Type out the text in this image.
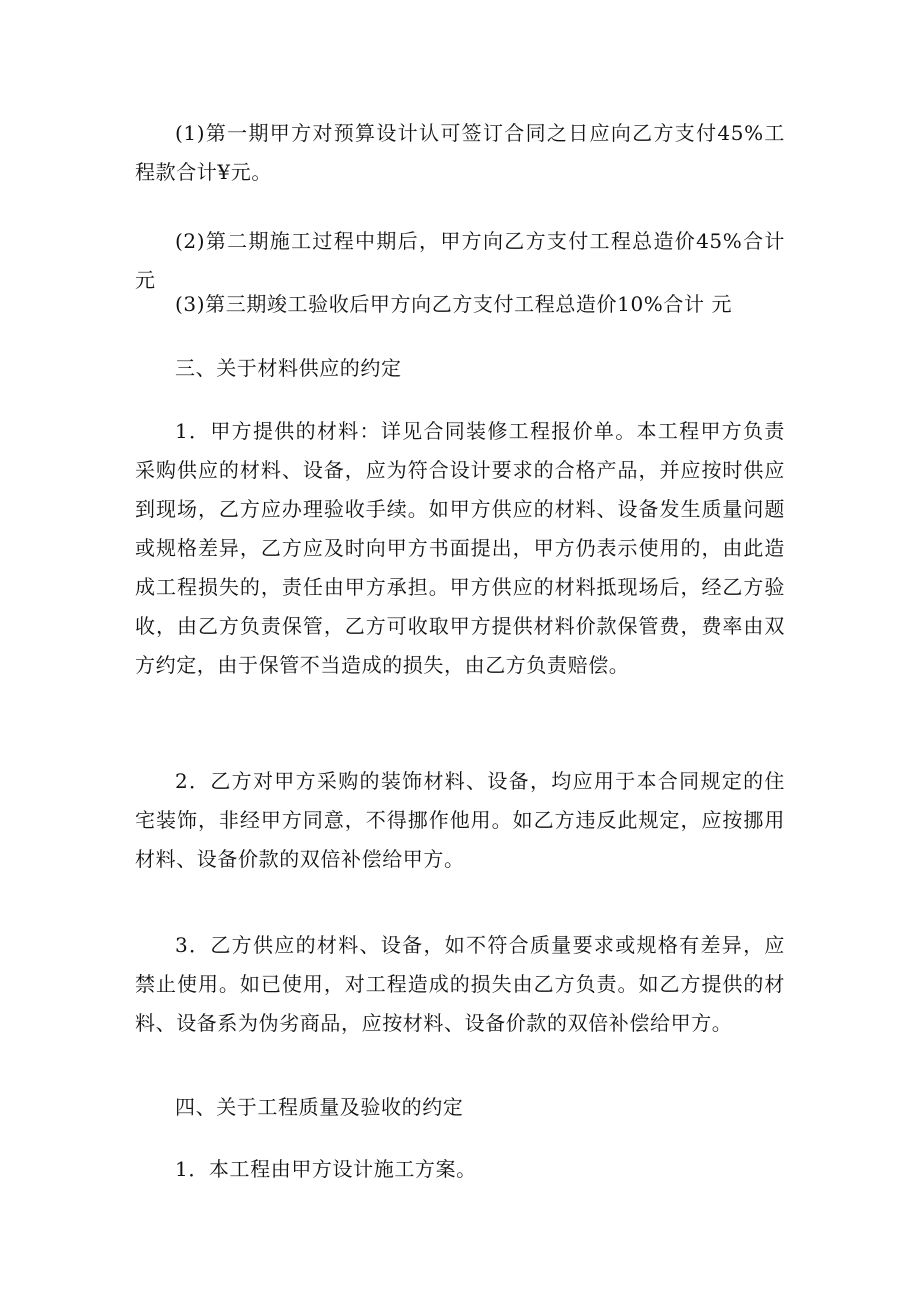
(1)第一期甲方对预算设计认可签订合同之日应向乙方支付45%工程款合计¥元。

(2)第二期施工过程中期后，甲方向乙方支付工程总造价45%合计元

(3)第三期竣工验收后甲方向乙方支付工程总造价10%合计 元

三、关于材料供应的约定

1．甲方提供的材料：详见合同装修工程报价单。本工程甲方负责采购供应的材料、设备，应为符合设计要求的合格产品，并应按时供应到现场，乙方应办理验收手续。如甲方供应的材料、设备发生质量问题或规格差异，乙方应及时向甲方书面提出，甲方仍表示使用的，由此造成工程损失的，责任由甲方承担。甲方供应的材料抵现场后，经乙方验收，由乙方负责保管，乙方可收取甲方提供材料价款保管费，费率由双方约定，由于保管不当造成的损失，由乙方负责赔偿。

2．乙方对甲方采购的装饰材料、设备，均应用于本合同规定的住宅装饰，非经甲方同意，不得挪作他用。如乙方违反此规定，应按挪用材料、设备价款的双倍补偿给甲方。

3．乙方供应的材料、设备，如不符合质量要求或规格有差异，应禁止使用。如已使用，对工程造成的损失由乙方负责。如乙方提供的材料、设备系为伪劣商品，应按材料、设备价款的双倍补偿给甲方。

四、关于工程质量及验收的约定

1．本工程由甲方设计施工方案。
